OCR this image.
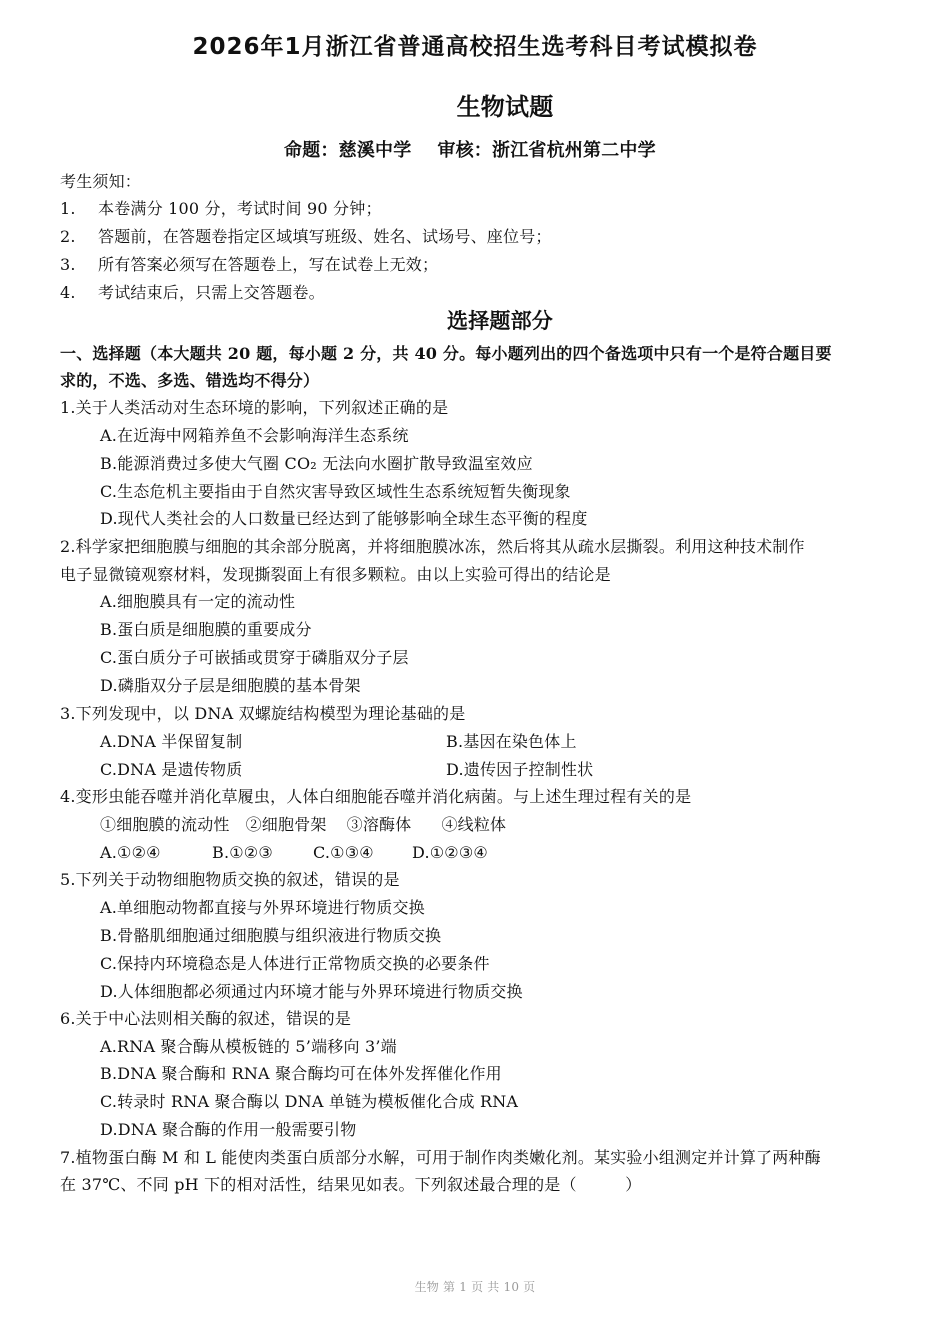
2026年1月浙江省普通高校招生选考科目考试模拟卷
生物试题
命题：慈溪中学 审核：浙江省杭州第二中学
考生须知：
1. 本卷满分 100 分，考试时间 90 分钟；
2. 答题前，在答题卷指定区域填写班级、姓名、试场号、座位号；
3. 所有答案必须写在答题卷上，写在试卷上无效；
4. 考试结束后，只需上交答题卷。
选择题部分
一、选择题（本大题共 20 题，每小题 2 分，共 40 分。每小题列出的四个备选项中只有一个是符合题目要
求的，不选、多选、错选均不得分）
1.关于人类活动对生态环境的影响，下列叙述正确的是
A.在近海中网箱养鱼不会影响海洋生态系统
B.能源消费过多使大气圈 CO₂ 无法向水圈扩散导致温室效应
C.生态危机主要指由于自然灾害导致区域性生态系统短暂失衡现象
D.现代人类社会的人口数量已经达到了能够影响全球生态平衡的程度
2.科学家把细胞膜与细胞的其余部分脱离，并将细胞膜冰冻，然后将其从疏水层撕裂。利用这种技术制作
电子显微镜观察材料，发现撕裂面上有很多颗粒。由以上实验可得出的结论是
A.细胞膜具有一定的流动性
B.蛋白质是细胞膜的重要成分
C.蛋白质分子可嵌插或贯穿于磷脂双分子层
D.磷脂双分子层是细胞膜的基本骨架
3.下列发现中，以 DNA 双螺旋结构模型为理论基础的是
A.DNA 半保留复制	B.基因在染色体上
C.DNA 是遗传物质	D.遗传因子控制性状
4.变形虫能吞噬并消化草履虫，人体白细胞能吞噬并消化病菌。与上述生理过程有关的是
①细胞膜的流动性 ②细胞骨架 ③溶酶体 ④线粒体
A.①②④	B.①②③	C.①③④ D.①②③④
5.下列关于动物细胞物质交换的叙述，错误的是
A.单细胞动物都直接与外界环境进行物质交换
B.骨骼肌细胞通过细胞膜与组织液进行物质交换
C.保持内环境稳态是人体进行正常物质交换的必要条件
D.人体细胞都必须通过内环境才能与外界环境进行物质交换
6.关于中心法则相关酶的叙述，错误的是
A.RNA 聚合酶从模板链的 5’端移向 3’端
B.DNA 聚合酶和 RNA 聚合酶均可在体外发挥催化作用
C.转录时 RNA 聚合酶以 DNA 单链为模板催化合成 RNA
D.DNA 聚合酶的作用一般需要引物
7.植物蛋白酶 M 和 L 能使肉类蛋白质部分水解，可用于制作肉类嫩化剂。某实验小组测定并计算了两种酶
在 37℃、不同 pH 下的相对活性，结果见如表。下列叙述最合理的是（　　　）
生物 第 1 页 共 10 页
